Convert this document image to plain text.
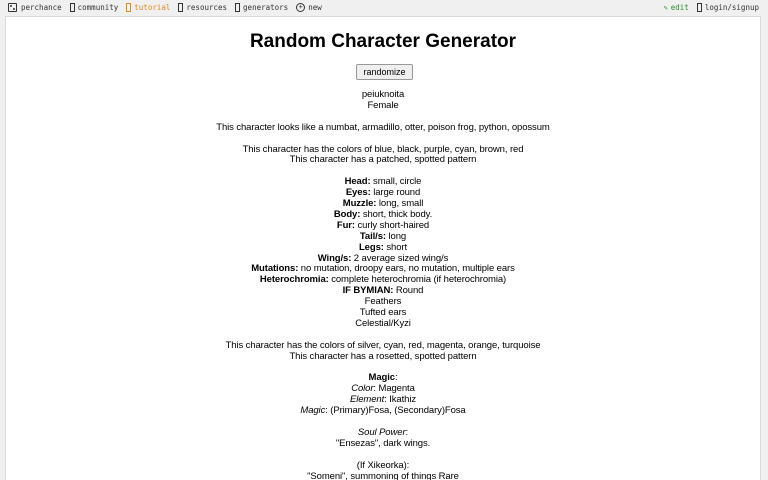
perchance community tutorial resources generators	+ new	✎ edit login/signup
Random Character Generator
randomize
peiuknoita
Female
This character looks like a numbat, armadillo, otter, poison frog, python, opossum
This character has the colors of blue, black, purple, cyan, brown, red
This character has a patched, spotted pattern
Head: small, circle
Eyes: large round
Muzzle: long, small
Body: short, thick body.
Fur: curly short-haired
Tail/s: long
Legs: short
Wing/s: 2 average sized wing/s
Mutations: no mutation, droopy ears, no mutation, multiple ears
Heterochromia: complete heterochromia (if heterochromia)
IF BYMIAN: Round
Feathers
Tufted ears
Celestial/Kyzi
This character has the colors of silver, cyan, red, magenta, orange, turquoise
This character has a rosetted, spotted pattern
Magic:
Color: Magenta
Element: Ikathiz
Magic: (Primary)Fosa, (Secondary)Fosa
Soul Power:
"Ensezas", dark wings.
(If Xikeorka):
"Someni", summoning of things Rare
